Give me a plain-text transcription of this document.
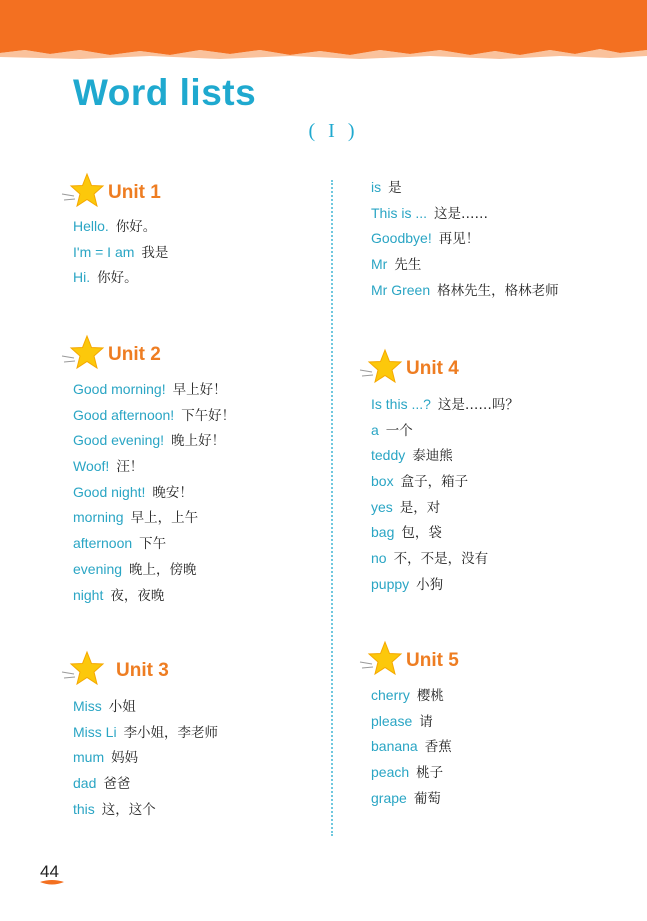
Word lists
( I )
Unit 1
Hello. 你好。
I'm = I am 我是
Hi. 你好。
Unit 2
Good morning! 早上好！
Good afternoon! 下午好！
Good evening! 晚上好！
Woof! 汪！
Good night! 晚安！
morning 早上，上午
afternoon 下午
evening 晚上，傍晚
night 夜，夜晚
Unit 3
Miss 小姐
Miss Li 李小姐，李老师
mum 妈妈
dad 爸爸
this 这，这个
is 是
This is ... 这是……
Goodbye! 再见！
Mr 先生
Mr Green 格林先生，格林老师
Unit 4
Is this ...? 这是……吗？
a 一个
teddy 泰迪熊
box 盒子，箱子
yes 是，对
bag 包，袋
no 不，不是，没有
puppy 小狗
Unit 5
cherry 樱桃
please 请
banana 香蕉
peach 桃子
grape 葡萄
44
